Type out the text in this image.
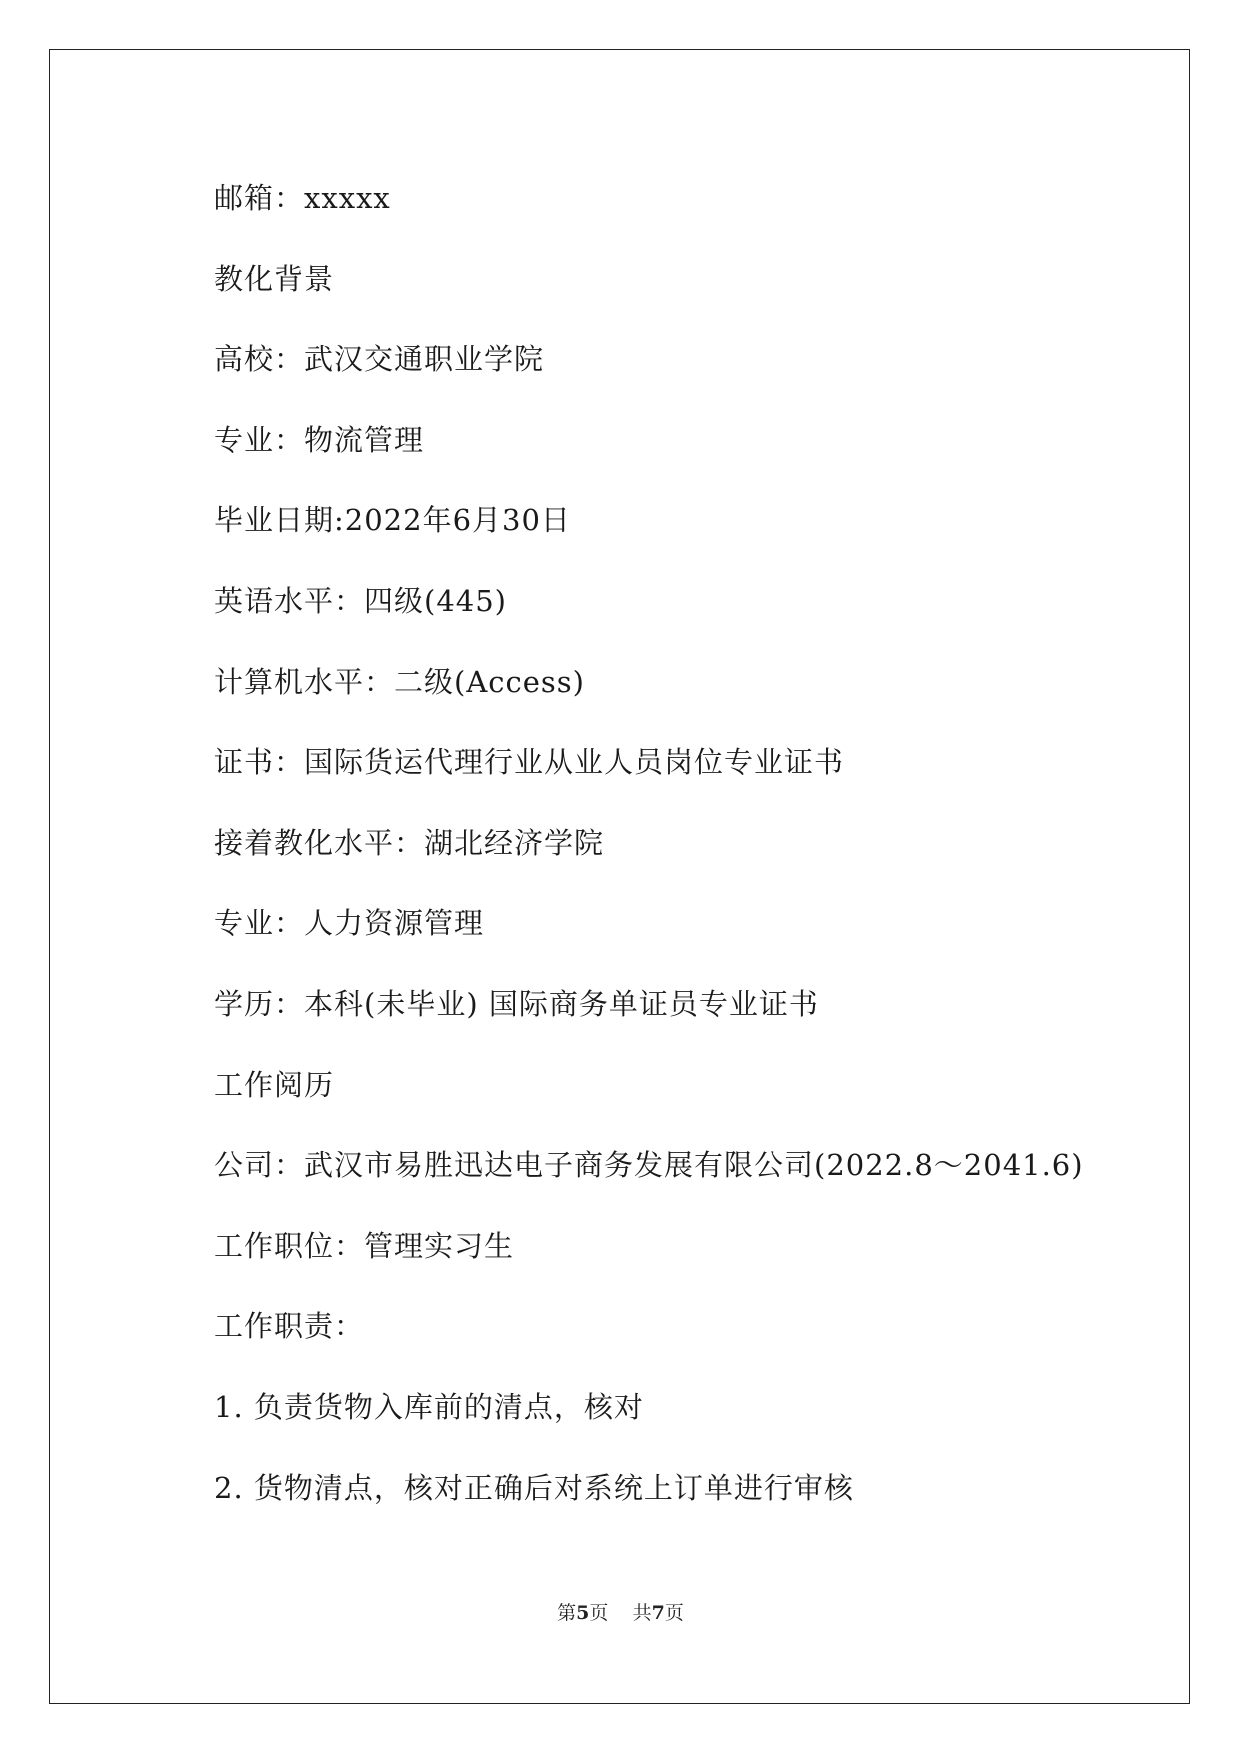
邮箱：xxxxx
教化背景
高校：武汉交通职业学院
专业：物流管理
毕业日期:2022年6月30日
英语水平：四级(445)
计算机水平：二级(Access)
证书：国际货运代理行业从业人员岗位专业证书
接着教化水平：湖北经济学院
专业：人力资源管理
学历：本科(未毕业) 国际商务单证员专业证书
工作阅历
公司：武汉市易胜迅达电子商务发展有限公司(2022.8～2041.6)
工作职位：管理实习生
工作职责：
1. 负责货物入库前的清点，核对
2. 货物清点，核对正确后对系统上订单进行审核
第5页    共7页
